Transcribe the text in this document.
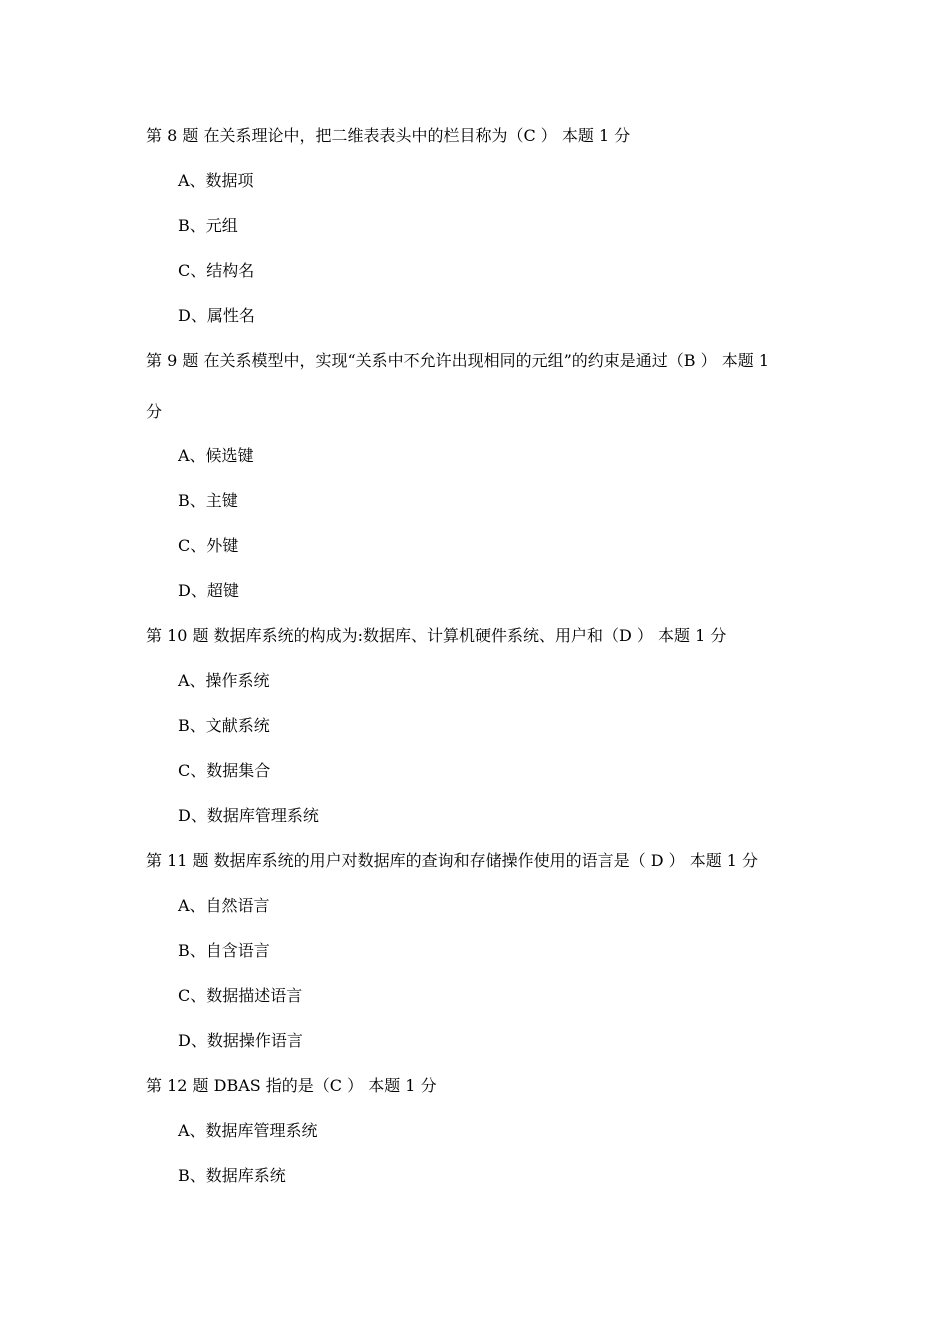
第 8 题 在关系理论中，把二维表表头中的栏目称为（C ） 本题 1 分
A、数据项
B、元组
C、结构名
D、属性名
第 9 题 在关系模型中，实现“关系中不允许出现相同的元组”的约束是通过（B ） 本题 1
分
A、候选键
B、主键
C、外键
D、超键
第 10 题 数据库系统的构成为:数据库、计算机硬件系统、用户和（D ） 本题 1 分
A、操作系统
B、文献系统
C、数据集合
D、数据库管理系统
第 11 题 数据库系统的用户对数据库的查询和存储操作使用的语言是（ D ） 本题 1 分
A、自然语言
B、自含语言
C、数据描述语言
D、数据操作语言
第 12 题 DBAS 指的是（C ） 本题 1 分
A、数据库管理系统
B、数据库系统
